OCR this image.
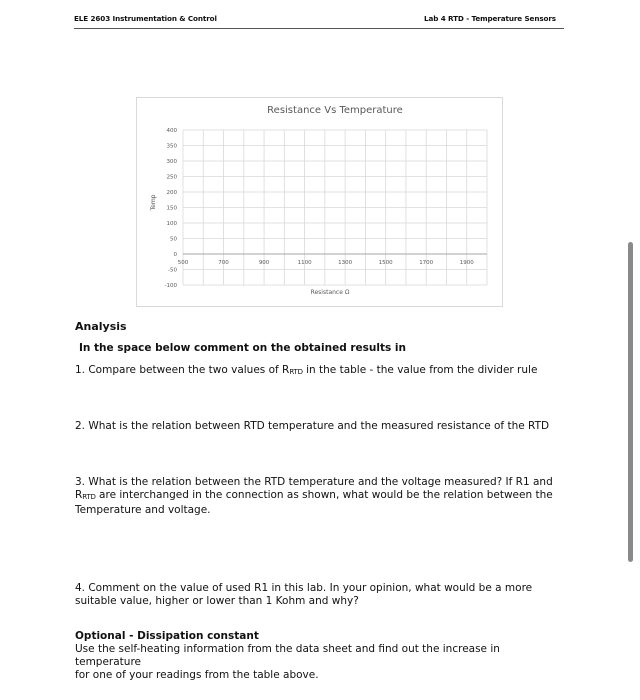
ELE 2603 Instrumentation & Control	Lab 4 RTD - Temperature Sensors
Resistance Vs Temperature
400
350
300
250
200
150
100
50
0
-50
-100
500	700	900	1100	1300	1500	1700	1900
Resistance Ω
Temp
Analysis
In the space below comment on the obtained results in
1. Compare between the two values of RRTD in the table - the value from the divider rule
2. What is the relation between RTD temperature and the measured resistance of the RTD
3. What is the relation between the RTD temperature and the voltage measured? If R1 and
RRTD are interchanged in the connection as shown, what would be the relation between the
Temperature and voltage.
4. Comment on the value of used R1 in this lab. In your opinion, what would be a more
suitable value, higher or lower than 1 Kohm and why?
Optional - Dissipation constant
Use the self-heating information from the data sheet and find out the increase in temperature
for one of your readings from the table above.
